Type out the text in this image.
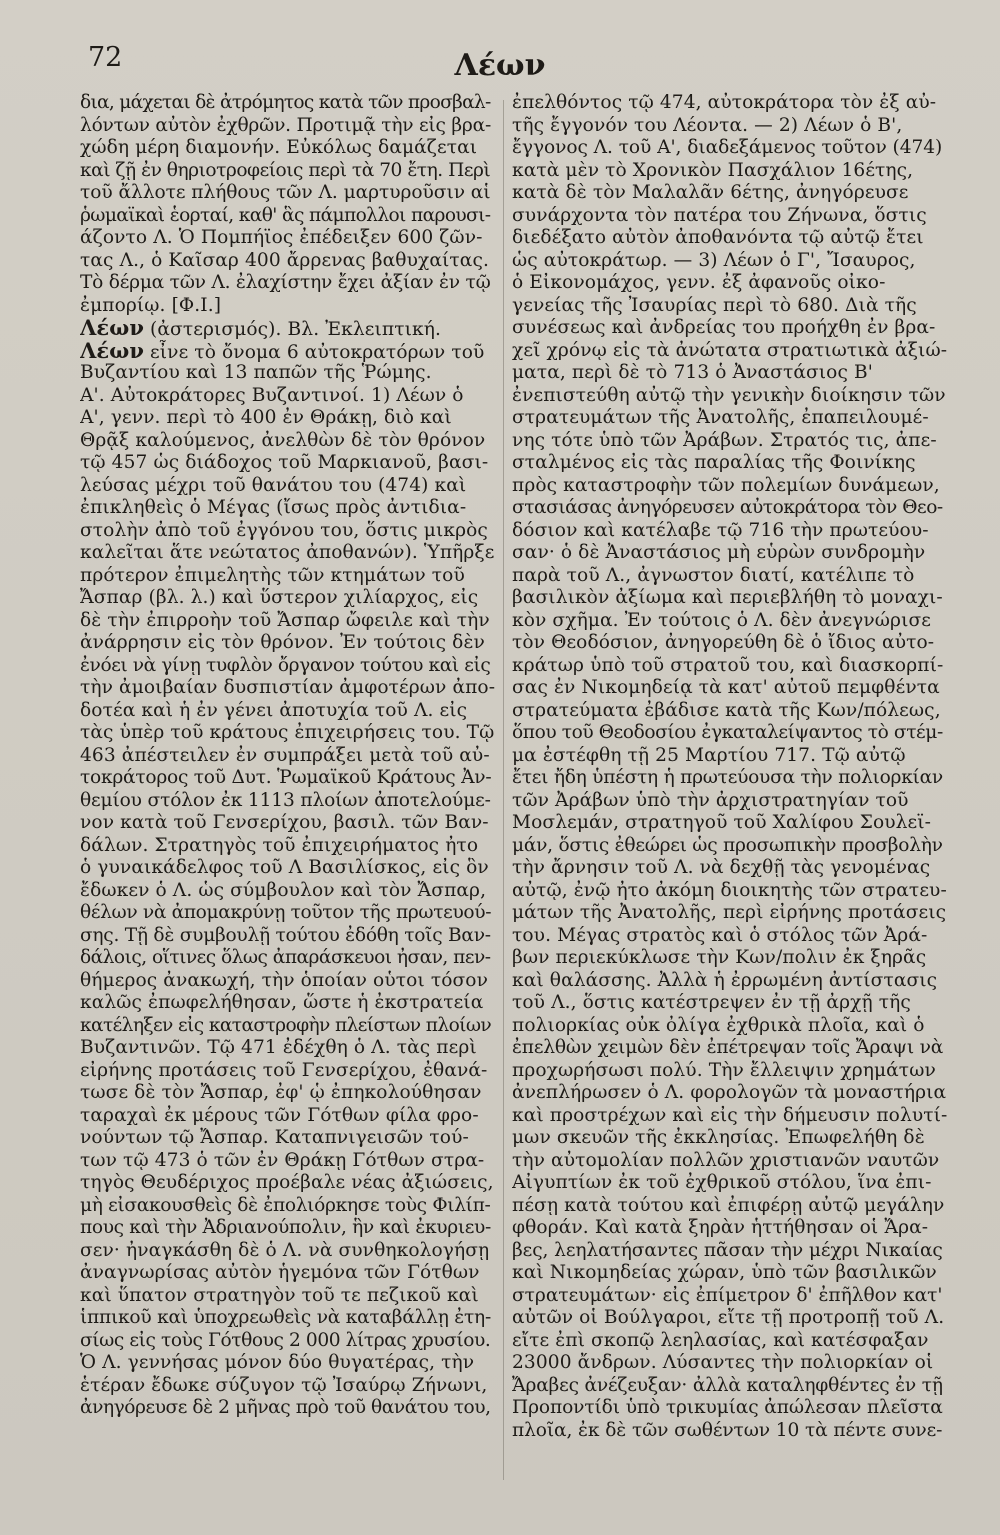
72	Λέων
δια, μάχεται δὲ ἀτρόμητος κατὰ τῶν προσβαλ-
λόντων αὐτὸν ἐχθρῶν. Προτιμᾷ τὴν εἰς βρα-
χώδη μέρη διαμονήν. Εὐκόλως δαμάζεται
καὶ ζῇ ἐν θηριοτροφείοις περὶ τὰ 70 ἔτη. Περὶ
τοῦ ἄλλοτε πλήθους τῶν Λ. μαρτυροῦσιν αἱ
ῥωμαϊκαὶ ἑορταί, καθ' ἃς πάμπολλοι παρουσι-
άζοντο Λ. Ὁ Πομπήϊος ἐπέδειξεν 600 ζῶν-
τας Λ., ὁ Καῖσαρ 400 ἄρρενας βαθυχαίτας.
Τὸ δέρμα τῶν Λ. ἐλαχίστην ἔχει ἀξίαν ἐν τῷ
ἐμπορίῳ. [Φ.Ι.]
Λέων (ἀστερισμός). Βλ. Ἐκλειπτική.
Λέων εἶνε τὸ ὄνομα 6 αὐτοκρατόρων τοῦ
Βυζαντίου καὶ 13 παπῶν τῆς Ῥώμης.
Α'. Αὐτοκράτορες Βυζαντινοί. 1) Λέων ὁ
Α', γενν. περὶ τὸ 400 ἐν Θράκῃ, διὸ καὶ
Θρᾷξ καλούμενος, ἀνελθὼν δὲ τὸν θρόνον
τῷ 457 ὡς διάδοχος τοῦ Μαρκιανοῦ, βασι-
λεύσας μέχρι τοῦ θανάτου του (474) καὶ
ἐπικληθεὶς ὁ Μέγας (ἴσως πρὸς ἀντιδια-
στολὴν ἀπὸ τοῦ ἐγγόνου του, ὅστις μικρὸς
καλεῖται ἅτε νεώτατος ἀποθανών). Ὑπῆρξε
πρότερον ἐπιμελητὴς τῶν κτημάτων τοῦ
Ἄσπαρ (βλ. λ.) καὶ ὕστερον χιλίαρχος, εἰς
δὲ τὴν ἐπιρροὴν τοῦ Ἄσπαρ ὤφειλε καὶ τὴν
ἀνάρρησιν εἰς τὸν θρόνον. Ἐν τούτοις δὲν
ἐνόει νὰ γίνῃ τυφλὸν ὄργανον τούτου καὶ εἰς
τὴν ἀμοιβαίαν δυσπιστίαν ἀμφοτέρων ἀπο-
δοτέα καὶ ἡ ἐν γένει ἀποτυχία τοῦ Λ. εἰς
τὰς ὑπὲρ τοῦ κράτους ἐπιχειρήσεις του. Τῷ
463 ἀπέστειλεν ἐν συμπράξει μετὰ τοῦ αὐ-
τοκράτορος τοῦ Δυτ. Ῥωμαϊκοῦ Κράτους Ἀν-
θεμίου στόλον ἐκ 1113 πλοίων ἀποτελούμε-
νον κατὰ τοῦ Γενσερίχου, βασιλ. τῶν Βαν-
δάλων. Στρατηγὸς τοῦ ἐπιχειρήματος ἦτο
ὁ γυναικάδελφος τοῦ Λ Βασιλίσκος, εἰς ὃν
ἔδωκεν ὁ Λ. ὡς σύμβουλον καὶ τὸν Ἄσπαρ,
θέλων νὰ ἀπομακρύνῃ τοῦτον τῆς πρωτευού-
σης. Τῇ δὲ συμβουλῇ τούτου ἐδόθη τοῖς Βαν-
δάλοις, οἵτινες ὅλως ἀπαράσκευοι ἦσαν, πεν-
θήμερος ἀνακωχή, τὴν ὁποίαν οὗτοι τόσον
καλῶς ἐπωφελήθησαν, ὥστε ἡ ἐκστρατεία
κατέληξεν εἰς καταστροφὴν πλείστων πλοίων
Βυζαντινῶν. Τῷ 471 ἐδέχθη ὁ Λ. τὰς περὶ
εἰρήνης προτάσεις τοῦ Γενσερίχου, ἐθανά-
τωσε δὲ τὸν Ἄσπαρ, ἐφ' ᾧ ἐπηκολούθησαν
ταραχαὶ ἐκ μέρους τῶν Γότθων φίλα φρο-
νούντων τῷ Ἄσπαρ. Καταπνιγεισῶν τού-
των τῷ 473 ὁ τῶν ἐν Θράκῃ Γότθων στρα-
τηγὸς Θευδέριχος προέβαλε νέας ἀξιώσεις,
μὴ εἰσακουσθεὶς δὲ ἐπολιόρκησε τοὺς Φιλίπ-
πους καὶ τὴν Ἀδριανούπολιν, ἣν καὶ ἐκυριευ-
σεν· ἠναγκάσθη δὲ ὁ Λ. νὰ συνθηκολογήσῃ
ἀναγνωρίσας αὐτὸν ἡγεμόνα τῶν Γότθων
καὶ ὕπατον στρατηγὸν τοῦ τε πεζικοῦ καὶ
ἱππικοῦ καὶ ὑποχρεωθεὶς νὰ καταβάλλῃ ἐτη-
σίως εἰς τοὺς Γότθους 2 000 λίτρας χρυσίου.
Ὁ Λ. γεννήσας μόνον δύο θυγατέρας, τὴν
ἑτέραν ἔδωκε σύζυγον τῷ Ἰσαύρῳ Ζήνωνι,
ἀνηγόρευσε δὲ 2 μῆνας πρὸ τοῦ θανάτου του,
ἐπελθόντος τῷ 474, αὐτοκράτορα τὸν ἐξ αὐ-
τῆς ἔγγονόν του Λέοντα. — 2) Λέων ὁ Β',
ἔγγονος Λ. τοῦ Α', διαδεξάμενος τοῦτον (474)
κατὰ μὲν τὸ Χρονικὸν Πασχάλιον 16έτης,
κατὰ δὲ τὸν Μαλαλᾶν 6έτης, ἀνηγόρευσε
συνάρχοντα τὸν πατέρα του Ζήνωνα, ὅστις
διεδέξατο αὐτὸν ἀποθανόντα τῷ αὐτῷ ἔτει
ὡς αὐτοκράτωρ. — 3) Λέων ὁ Γ', Ἴσαυρος,
ὁ Εἰκονομάχος, γενν. ἐξ ἀφανοῦς οἰκο-
γενείας τῆς Ἰσαυρίας περὶ τὸ 680. Διὰ τῆς
συνέσεως καὶ ἀνδρείας του προήχθη ἐν βρα-
χεῖ χρόνῳ εἰς τὰ ἀνώτατα στρατιωτικὰ ἀξιώ-
ματα, περὶ δὲ τὸ 713 ὁ Ἀναστάσιος Β'
ἐνεπιστεύθη αὐτῷ τὴν γενικὴν διοίκησιν τῶν
στρατευμάτων τῆς Ἀνατολῆς, ἐπαπειλουμέ-
νης τότε ὑπὸ τῶν Ἀράβων. Στρατός τις, ἀπε-
σταλμένος εἰς τὰς παραλίας τῆς Φοινίκης
πρὸς καταστροφὴν τῶν πολεμίων δυνάμεων,
στασιάσας ἀνηγόρευσεν αὐτοκράτορα τὸν Θεο-
δόσιον καὶ κατέλαβε τῷ 716 τὴν πρωτεύου-
σαν· ὁ δὲ Ἀναστάσιος μὴ εὑρὼν συνδρομὴν
παρὰ τοῦ Λ., ἀγνωστον διατί, κατέλιπε τὸ
βασιλικὸν ἀξίωμα καὶ περιεβλήθη τὸ μοναχι-
κὸν σχῆμα. Ἐν τούτοις ὁ Λ. δὲν ἀνεγνώρισε
τὸν Θεοδόσιον, ἀνηγορεύθη δὲ ὁ ἴδιος αὐτο-
κράτωρ ὑπὸ τοῦ στρατοῦ του, καὶ διασκορπί-
σας ἐν Νικομηδείᾳ τὰ κατ' αὐτοῦ πεμφθέντα
στρατεύματα ἐβάδισε κατὰ τῆς Κων/πόλεως,
ὅπου τοῦ Θεοδοσίου ἐγκαταλείψαντος τὸ στέμ-
μα ἐστέφθη τῇ 25 Μαρτίου 717. Τῷ αὐτῷ
ἔτει ἤδη ὑπέστη ἡ πρωτεύουσα τὴν πολιορκίαν
τῶν Ἀράβων ὑπὸ τὴν ἀρχιστρατηγίαν τοῦ
Μοσλεμάν, στρατηγοῦ τοῦ Χαλίφου Σουλεϊ-
μάν, ὅστις ἐθεώρει ὡς προσωπικὴν προσβολὴν
τὴν ἄρνησιν τοῦ Λ. νὰ δεχθῇ τὰς γενομένας
αὐτῷ, ἐνῷ ἦτο ἀκόμη διοικητὴς τῶν στρατευ-
μάτων τῆς Ἀνατολῆς, περὶ εἰρήνης προτάσεις
του. Μέγας στρατὸς καὶ ὁ στόλος τῶν Ἀρά-
βων περιεκύκλωσε τὴν Κων/πολιν ἐκ ξηρᾶς
καὶ θαλάσσης. Ἀλλὰ ἡ ἐρρωμένη ἀντίστασις
τοῦ Λ., ὅστις κατέστρεψεν ἐν τῇ ἀρχῇ τῆς
πολιορκίας οὐκ ὀλίγα ἐχθρικὰ πλοῖα, καὶ ὁ
ἐπελθὼν χειμὼν δὲν ἐπέτρεψαν τοῖς Ἄραψι νὰ
προχωρήσωσι πολύ. Τὴν ἔλλειψιν χρημάτων
ἀνεπλήρωσεν ὁ Λ. φορολογῶν τὰ μοναστήρια
καὶ προστρέχων καὶ εἰς τὴν δήμευσιν πολυτί-
μων σκευῶν τῆς ἐκκλησίας. Ἐπωφελήθη δὲ
τὴν αὐτομολίαν πολλῶν χριστιανῶν ναυτῶν
Αἰγυπτίων ἐκ τοῦ ἐχθρικοῦ στόλου, ἵνα ἐπι-
πέσῃ κατὰ τούτου καὶ ἐπιφέρῃ αὐτῷ μεγάλην
φθοράν. Καὶ κατὰ ξηρὰν ἡττήθησαν οἱ Ἄρα-
βες, λεηλατήσαντες πᾶσαν τὴν μέχρι Νικαίας
καὶ Νικομηδείας χώραν, ὑπὸ τῶν βασιλικῶν
στρατευμάτων· εἰς ἐπίμετρον δ' ἐπῆλθον κατ'
αὐτῶν οἱ Βούλγαροι, εἴτε τῇ προτροπῇ τοῦ Λ.
εἴτε ἐπὶ σκοπῷ λεηλασίας, καὶ κατέσφαξαν
23000 ἄνδρων. Λύσαντες τὴν πολιορκίαν οἱ
Ἄραβες ἀνέζευξαν· ἀλλὰ καταληφθέντες ἐν τῇ
Προποντίδι ὑπὸ τρικυμίας ἀπώλεσαν πλεῖστα
πλοῖα, ἐκ δὲ τῶν σωθέντων 10 τὰ πέντε συνε-
